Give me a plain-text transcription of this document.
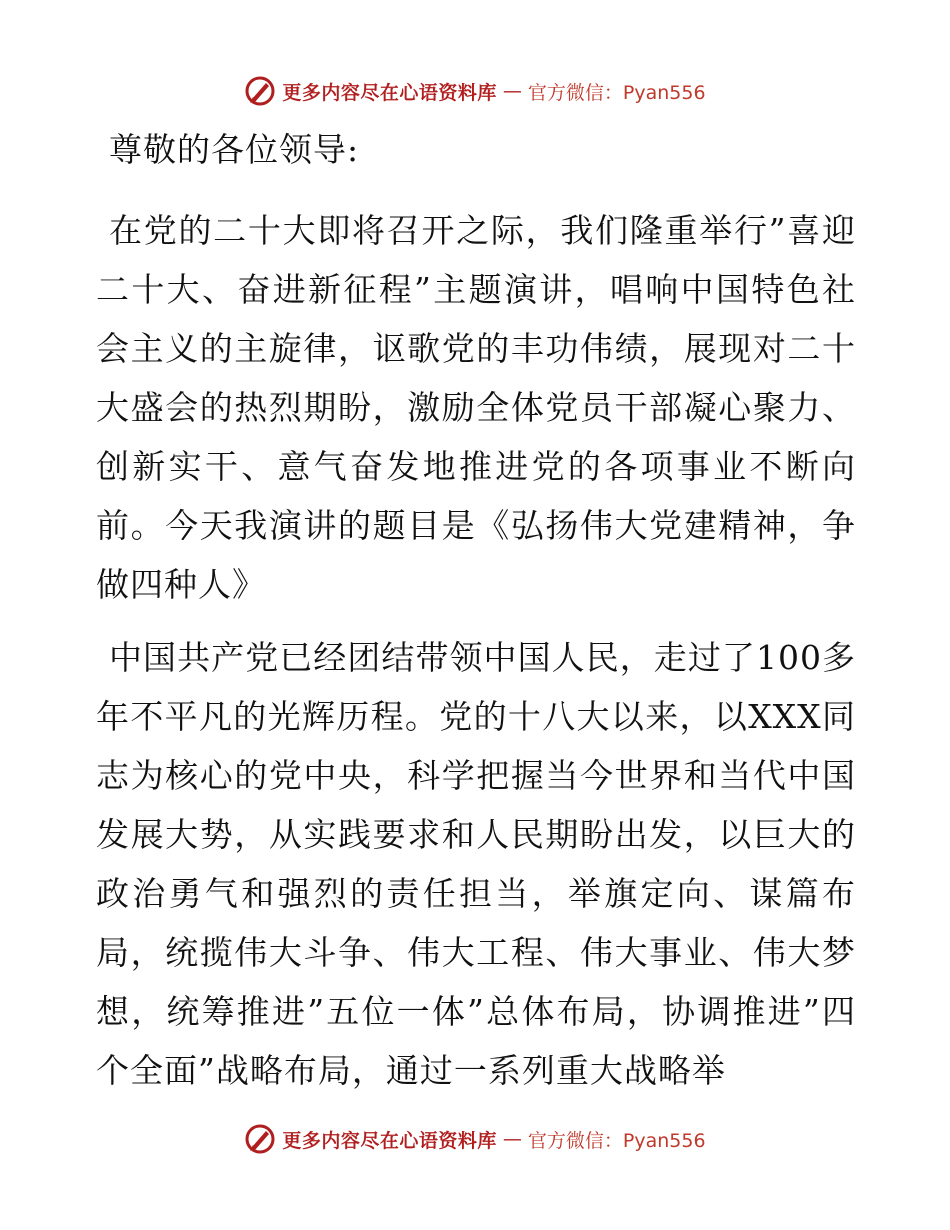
更多内容尽在心语资料库 — 官方微信：Pyan556

尊敬的各位领导:

在党的二十大即将召开之际，我们隆重举行”喜迎二十大、奋进新征程”主题演讲，唱响中国特色社会主义的主旋律，讴歌党的丰功伟绩，展现对二十大盛会的热烈期盼，激励全体党员干部凝心聚力、创新实干、意气奋发地推进党的各项事业不断向前。今天我演讲的题目是《弘扬伟大党建精神，争做四种人》

中国共产党已经团结带领中国人民，走过了100多年不平凡的光辉历程。党的十八大以来，以XXX同志为核心的党中央，科学把握当今世界和当代中国发展大势，从实践要求和人民期盼出发，以巨大的政治勇气和强烈的责任担当，举旗定向、谋篇布局，统揽伟大斗争、伟大工程、伟大事业、伟大梦想，统筹推进”五位一体”总体布局，协调推进”四个全面”战略布局，通过一系列重大战略举

更多内容尽在心语资料库 — 官方微信：Pyan556
